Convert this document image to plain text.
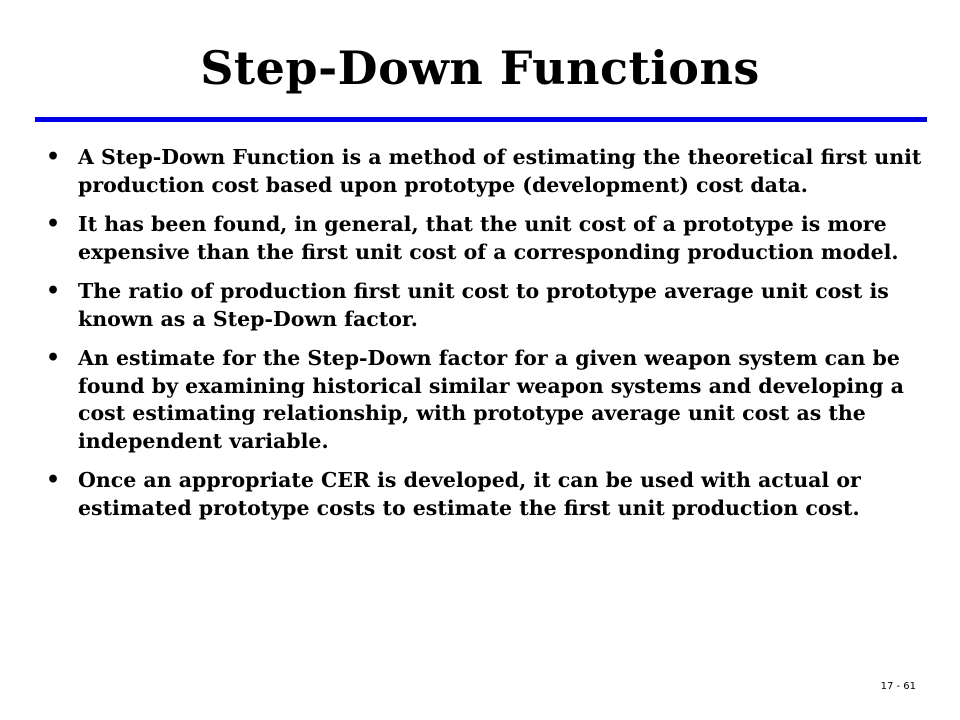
Step-Down Functions
• A Step-Down Function is a method of estimating the theoretical first unit production cost based upon prototype (development) cost data.
• It has been found, in general, that the unit cost of a prototype is more expensive than the first unit cost of a corresponding production model.
• The ratio of production first unit cost to prototype average unit cost is known as a Step-Down factor.
• An estimate for the Step-Down factor for a given weapon system can be found by examining historical similar weapon systems and developing a cost estimating relationship, with prototype average unit cost as the independent variable.
• Once an appropriate CER is developed, it can be used with actual or estimated prototype costs to estimate the first unit production cost.
17 - 61
